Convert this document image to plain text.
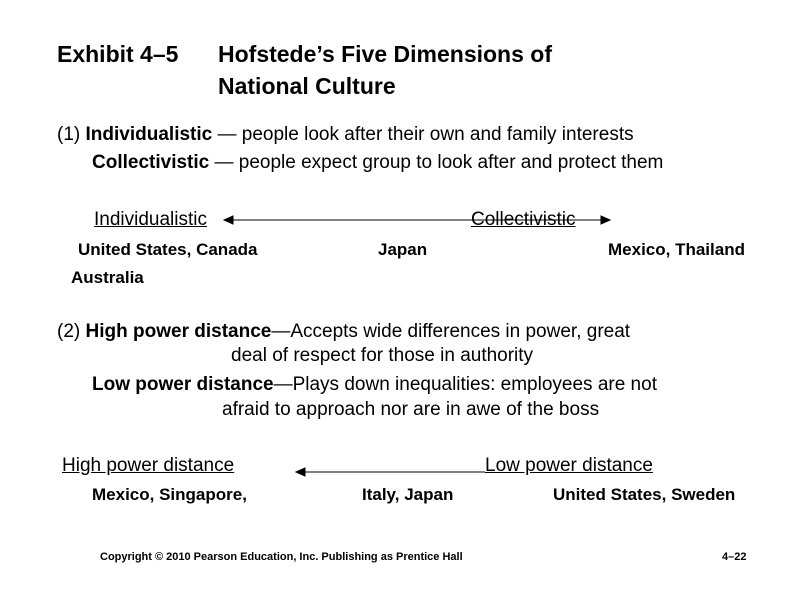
Exhibit 4–5 Hofstede’s Five Dimensions of
National Culture
(1) Individualistic — people look after their own and family interests
Collectivistic — people expect group to look after and protect them
Individualistic	Collectivistic
United States, Canada	Japan	Mexico, Thailand
Australia
(2) High power distance—Accepts wide differences in power, great
deal of respect for those in authority
Low power distance—Plays down inequalities: employees are not
afraid to approach nor are in awe of the boss
High power distance	Low power distance
Mexico, Singapore,	Italy, Japan	United States, Sweden
Copyright © 2010 Pearson Education, Inc. Publishing as Prentice Hall	4–22
